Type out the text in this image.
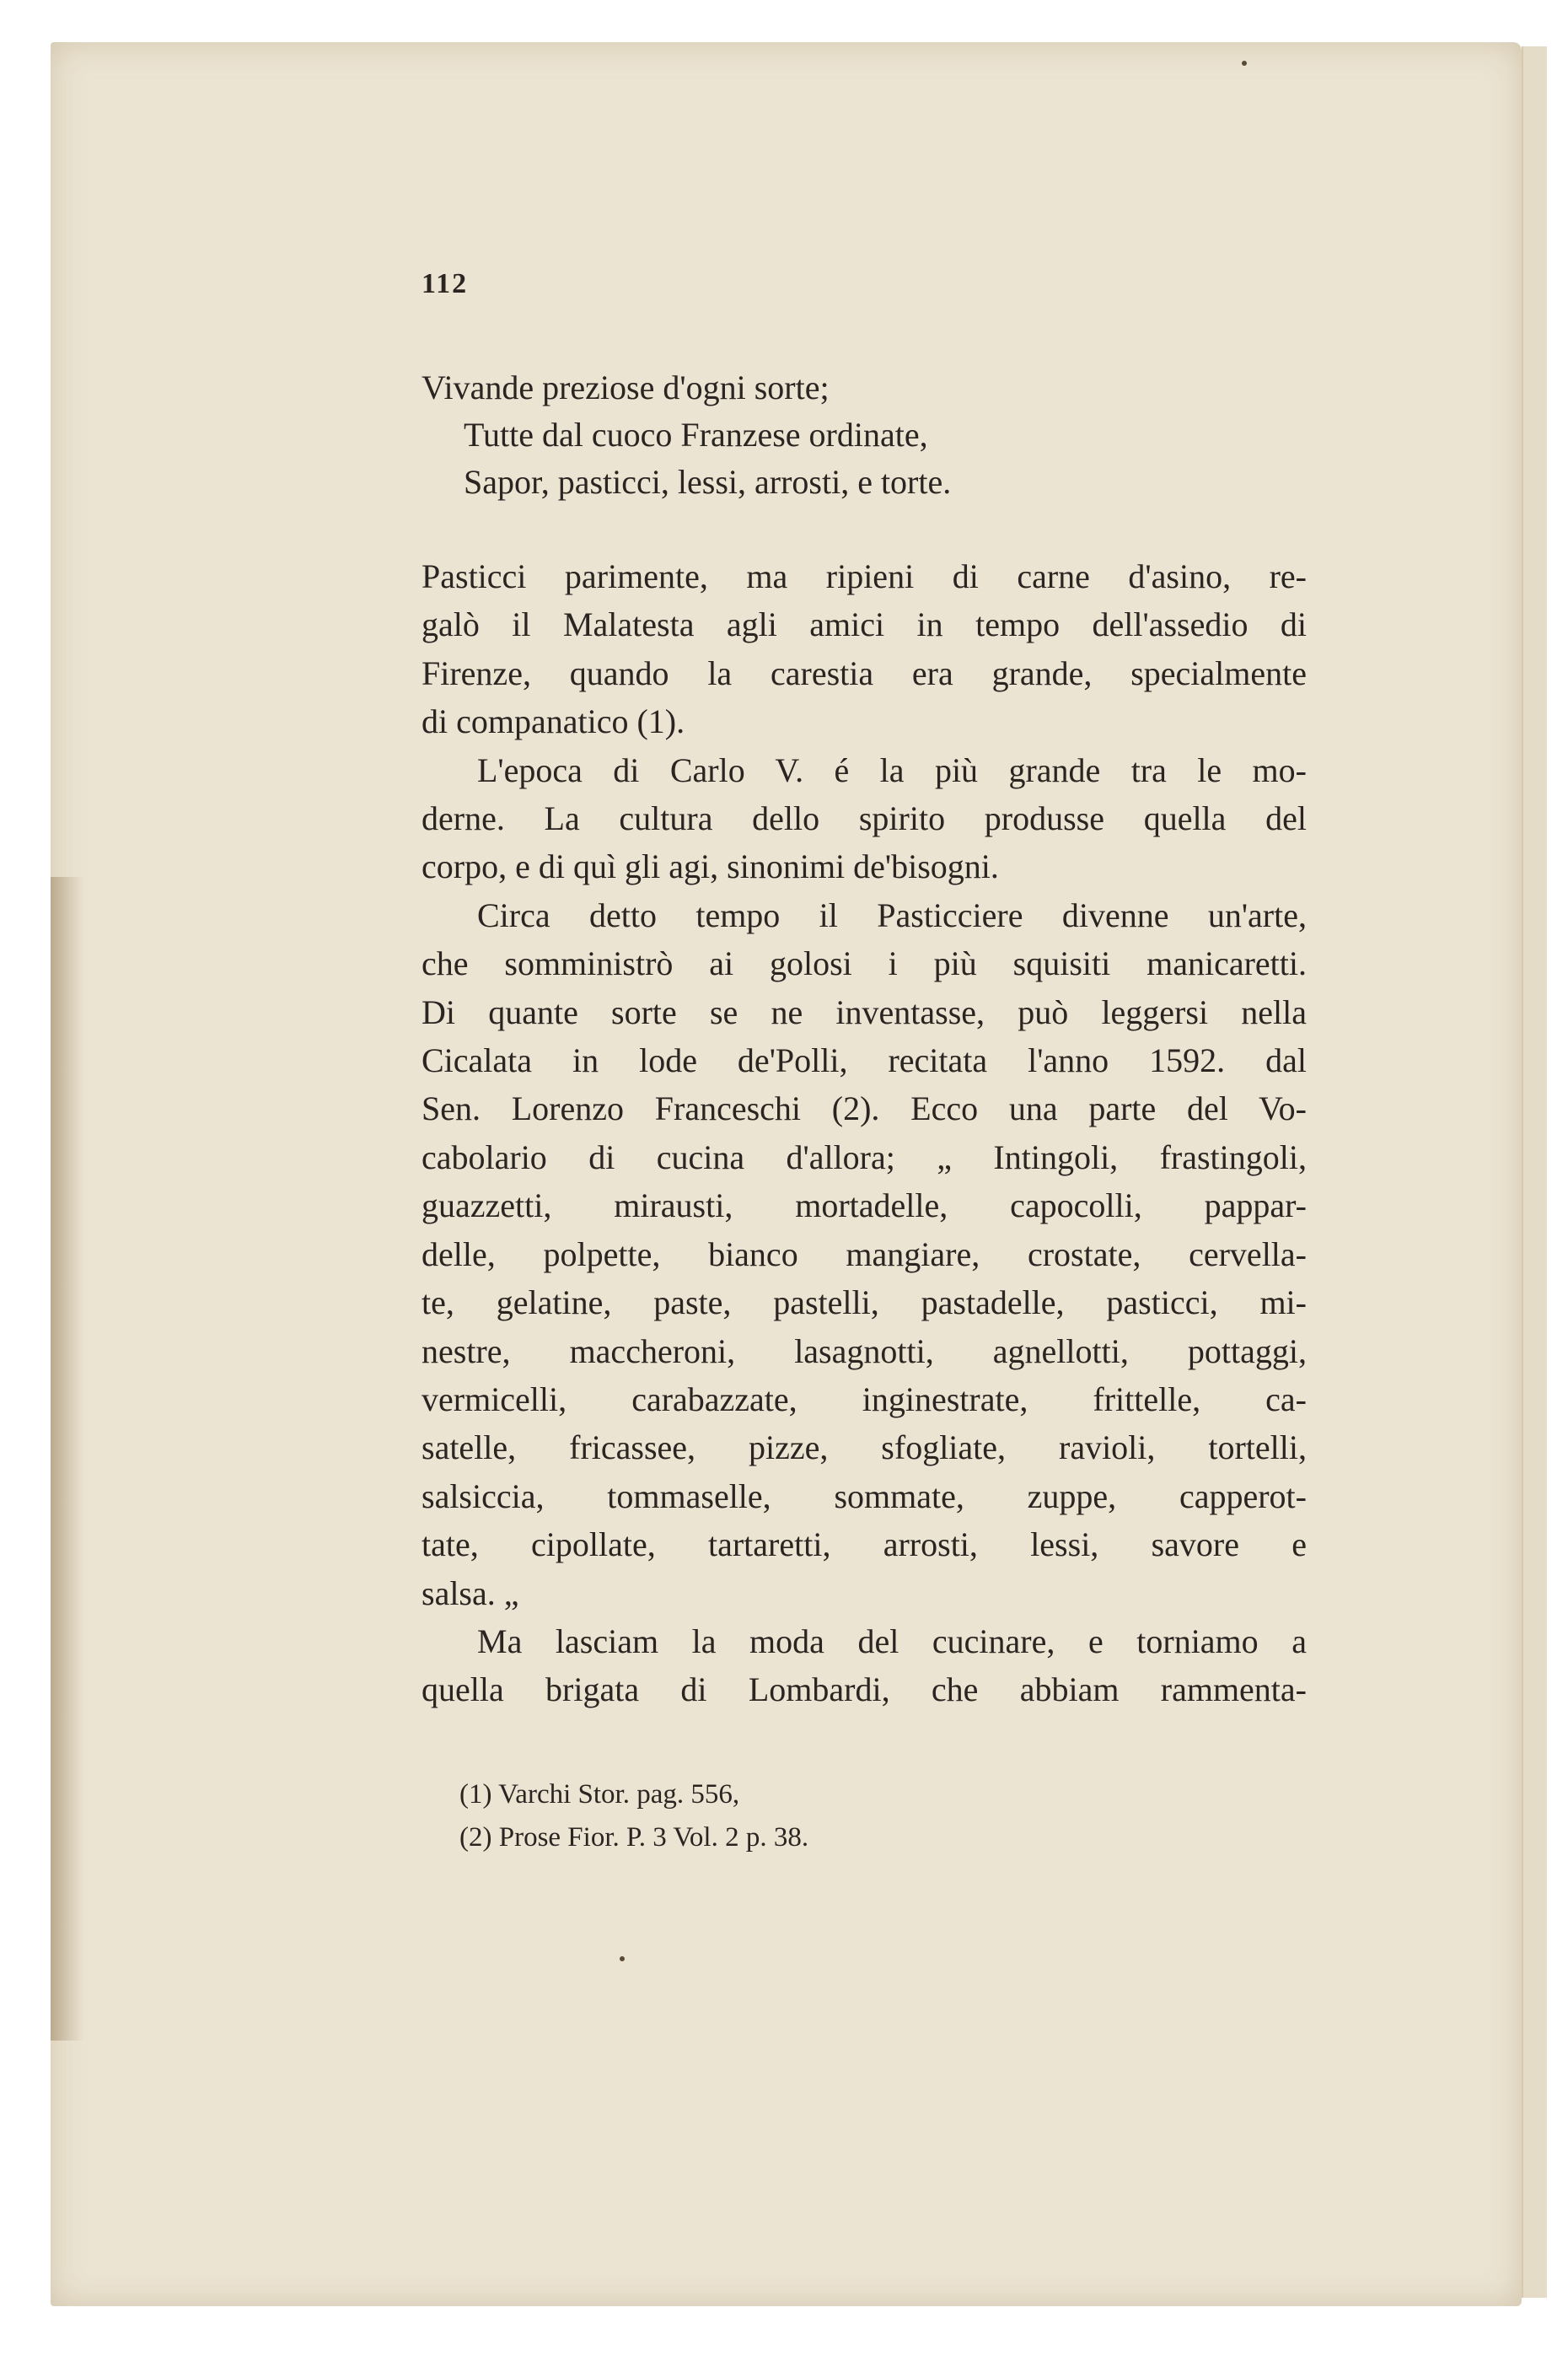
112
Vivande preziose d'ogni sorte;
Tutte dal cuoco Franzese ordinate,
Sapor, pasticci, lessi, arrosti, e torte.
Pasticci parimente, ma ripieni di carne d'asino, re-
galò il Malatesta agli amici in tempo dell'assedio di
Firenze, quando la carestia era grande, specialmente
di companatico (1).
L'epoca di Carlo V. é la più grande tra le mo-
derne. La cultura dello spirito produsse quella del
corpo, e di quì gli agi, sinonimi de'bisogni.
Circa detto tempo il Pasticciere divenne un'arte,
che somministrò ai golosi i più squisiti manicaretti.
Di quante sorte se ne inventasse, può leggersi nella
Cicalata in lode de'Polli, recitata l'anno 1592. dal
Sen. Lorenzo Franceschi (2). Ecco una parte del Vo-
cabolario di cucina d'allora; „ Intingoli, frastingoli,
guazzetti, mirausti, mortadelle, capocolli, pappar-
delle, polpette, bianco mangiare, crostate, cervella-
te, gelatine, paste, pastelli, pastadelle, pasticci, mi-
nestre, maccheroni, lasagnotti, agnellotti, pottaggi,
vermicelli, carabazzate, inginestrate, frittelle, ca-
satelle, fricassee, pizze, sfogliate, ravioli, tortelli,
salsiccia, tommaselle, sommate, zuppe, capperot-
tate, cipollate, tartaretti, arrosti, lessi, savore e
salsa. „
Ma lasciam la moda del cucinare, e torniamo a
quella brigata di Lombardi, che abbiam rammenta-
(1) Varchi Stor. pag. 556,
(2) Prose Fior. P. 3 Vol. 2 p. 38.
